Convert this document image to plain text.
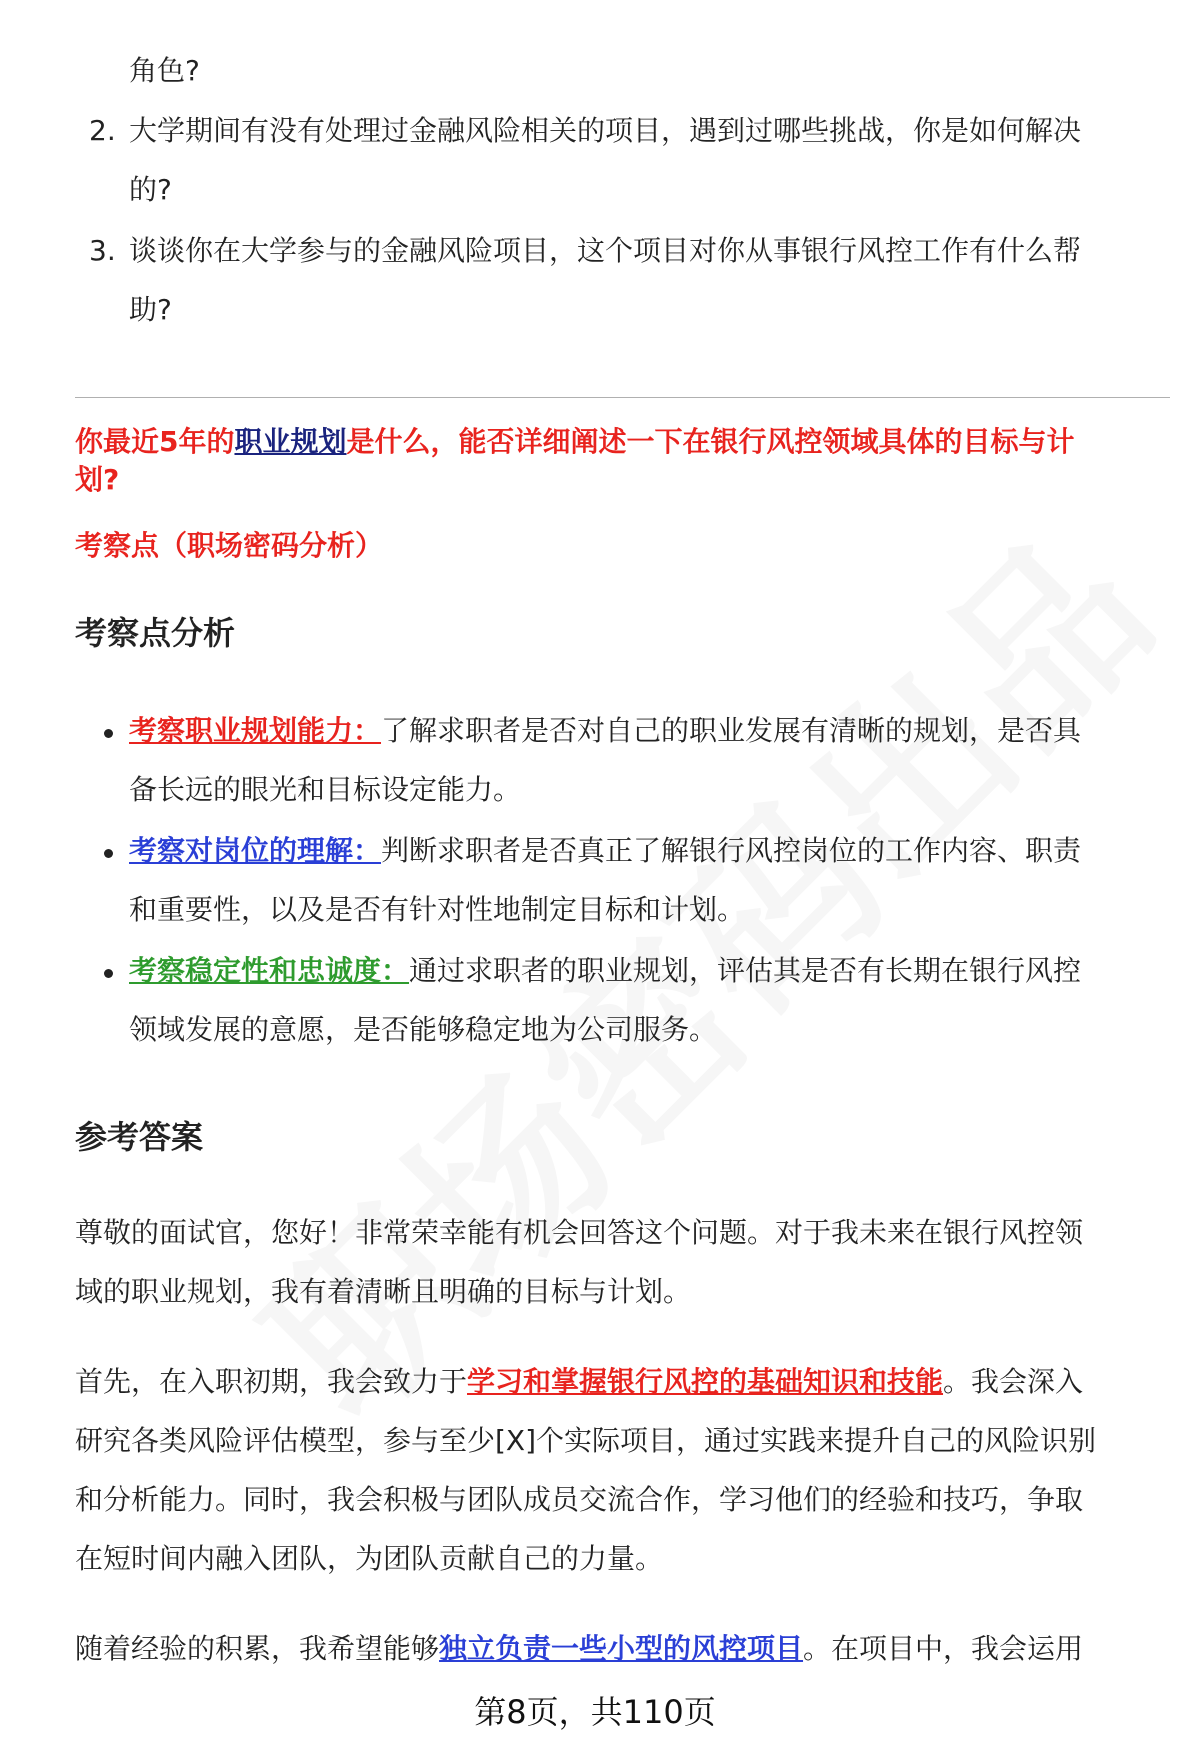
角色?
2. 大学期间有没有处理过金融风险相关的项目，遇到过哪些挑战，你是如何解决
的?
3. 谈谈你在大学参与的金融风险项目，这个项目对你从事银行风控工作有什么帮
助?
你最近5年的职业规划是什么，能否详细阐述一下在银行风控领域具体的目标与计
划?
考察点（职场密码分析）
考察点分析
考察职业规划能力：了解求职者是否对自己的职业发展有清晰的规划，是否具
备长远的眼光和目标设定能力。
考察对岗位的理解：判断求职者是否真正了解银行风控岗位的工作内容、职责
和重要性，以及是否有针对性地制定目标和计划。
考察稳定性和忠诚度：通过求职者的职业规划，评估其是否有长期在银行风控
领域发展的意愿，是否能够稳定地为公司服务。
参考答案
尊敬的面试官，您好！非常荣幸能有机会回答这个问题。对于我未来在银行风控领
域的职业规划，我有着清晰且明确的目标与计划。
首先，在入职初期，我会致力于学习和掌握银行风控的基础知识和技能。我会深入
研究各类风险评估模型，参与至少[X]个实际项目，通过实践来提升自己的风险识别
和分析能力。同时，我会积极与团队成员交流合作，学习他们的经验和技巧，争取
在短时间内融入团队，为团队贡献自己的力量。
随着经验的积累，我希望能够独立负责一些小型的风控项目。在项目中，我会运用
第8页，共110页
